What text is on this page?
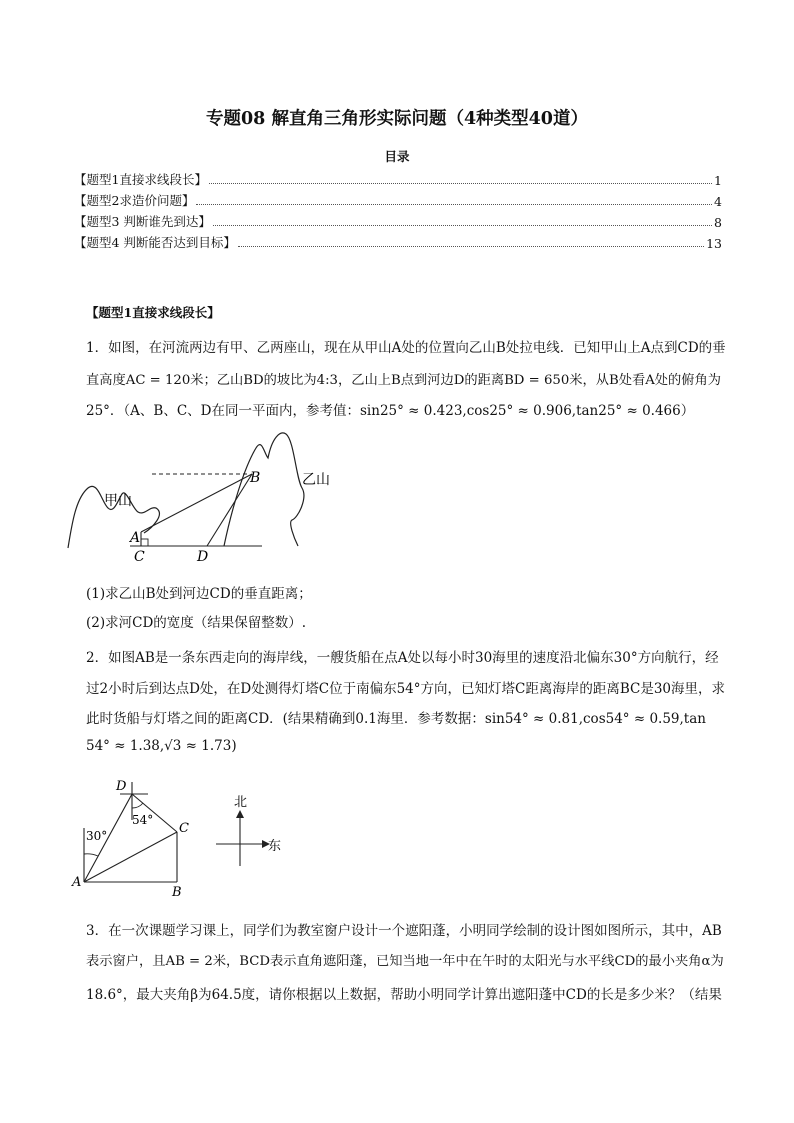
专题08 解直角三角形实际问题（4种类型40道）
目录
【题型1直接求线段长】	1
【题型2求造价问题】	4
【题型3 判断谁先到达】	8
【题型4 判断能否达到目标】	13
【题型1直接求线段长】
1．如图，在河流两边有甲、乙两座山，现在从甲山A处的位置向乙山B处拉电线．已知甲山上A点到CD的垂
直高度AC = 120米；乙山BD的坡比为4:3，乙山上B点到河边D的距离BD = 650米，从B处看A处的俯角为
25°．（A、B、C、D在同一平面内，参考值：sin25° ≈ 0.423,cos25° ≈ 0.906,tan25° ≈ 0.466）
甲山
乙山
A
B
C	D
(1)求乙山B处到河边CD的垂直距离；
(2)求河CD的宽度（结果保留整数）.
2．如图AB是一条东西走向的海岸线，一艘货船在点A处以每小时30海里的速度沿北偏东30°方向航行，经
过2小时后到达点D处，在D处测得灯塔C位于南偏东54°方向，已知灯塔C距离海岸的距离BC是30海里，求
此时货船与灯塔之间的距离CD．(结果精确到0.1海里．参考数据：sin54° ≈ 0.81,cos54° ≈ 0.59,tan
54° ≈ 1.38,√3 ≈ 1.73)
30°
54°
D
C
A
B
北
东
3．在一次课题学习课上，同学们为教室窗户设计一个遮阳蓬，小明同学绘制的设计图如图所示，其中，AB
表示窗户，且AB = 2米，BCD表示直角遮阳蓬，已知当地一年中在午时的太阳光与水平线CD的最小夹角α为
18.6°，最大夹角β为64.5度，请你根据以上数据，帮助小明同学计算出遮阳蓬中CD的长是多少米？（结果
